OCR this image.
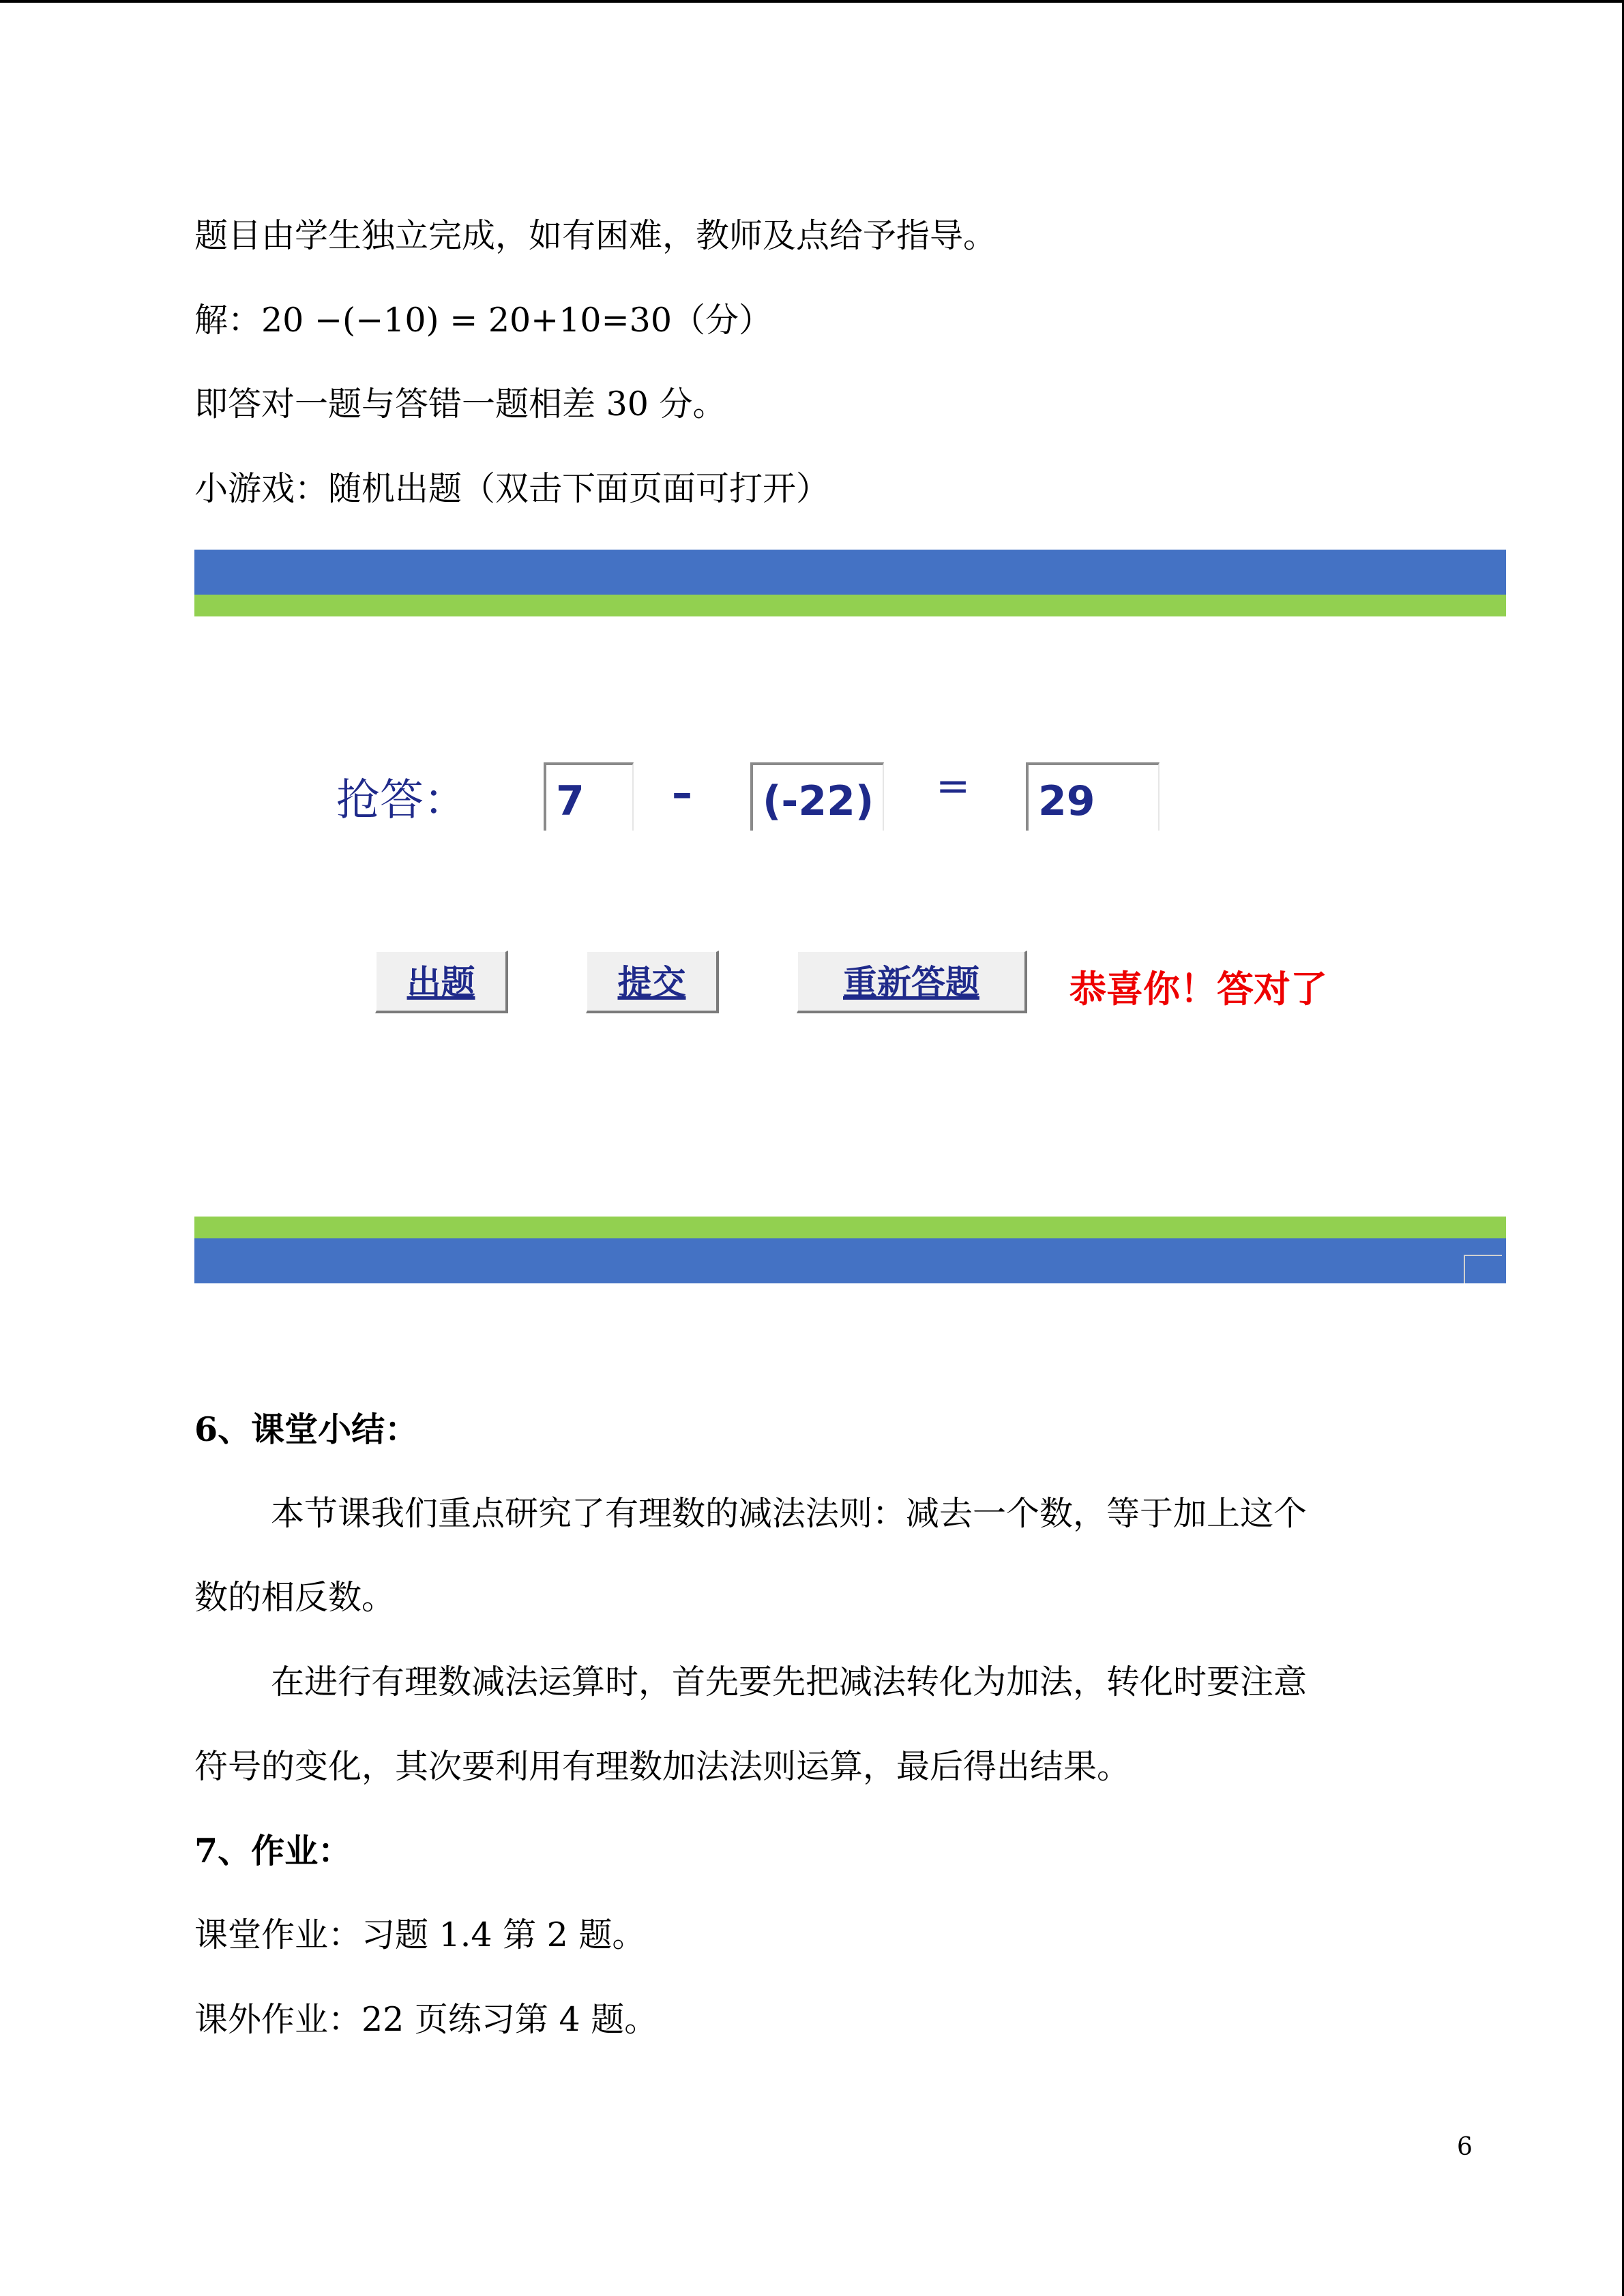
题目由学生独立完成，如有困难，教师及点给予指导。
解：20 −(−10) = 20+10=30（分）
即答对一题与答错一题相差 30 分。
小游戏：随机出题（双击下面页面可打开）
抢答：	7	–	(-22) =	29
出题	提交	重新答题	恭喜你！答对了
6、课堂小结：
本节课我们重点研究了有理数的减法法则：减去一个数，等于加上这个
数的相反数。
在进行有理数减法运算时，首先要先把减法转化为加法，转化时要注意
符号的变化，其次要利用有理数加法法则运算，最后得出结果。
7、作业：
课堂作业：习题 1.4 第 2 题。
课外作业：22 页练习第 4 题。
6
